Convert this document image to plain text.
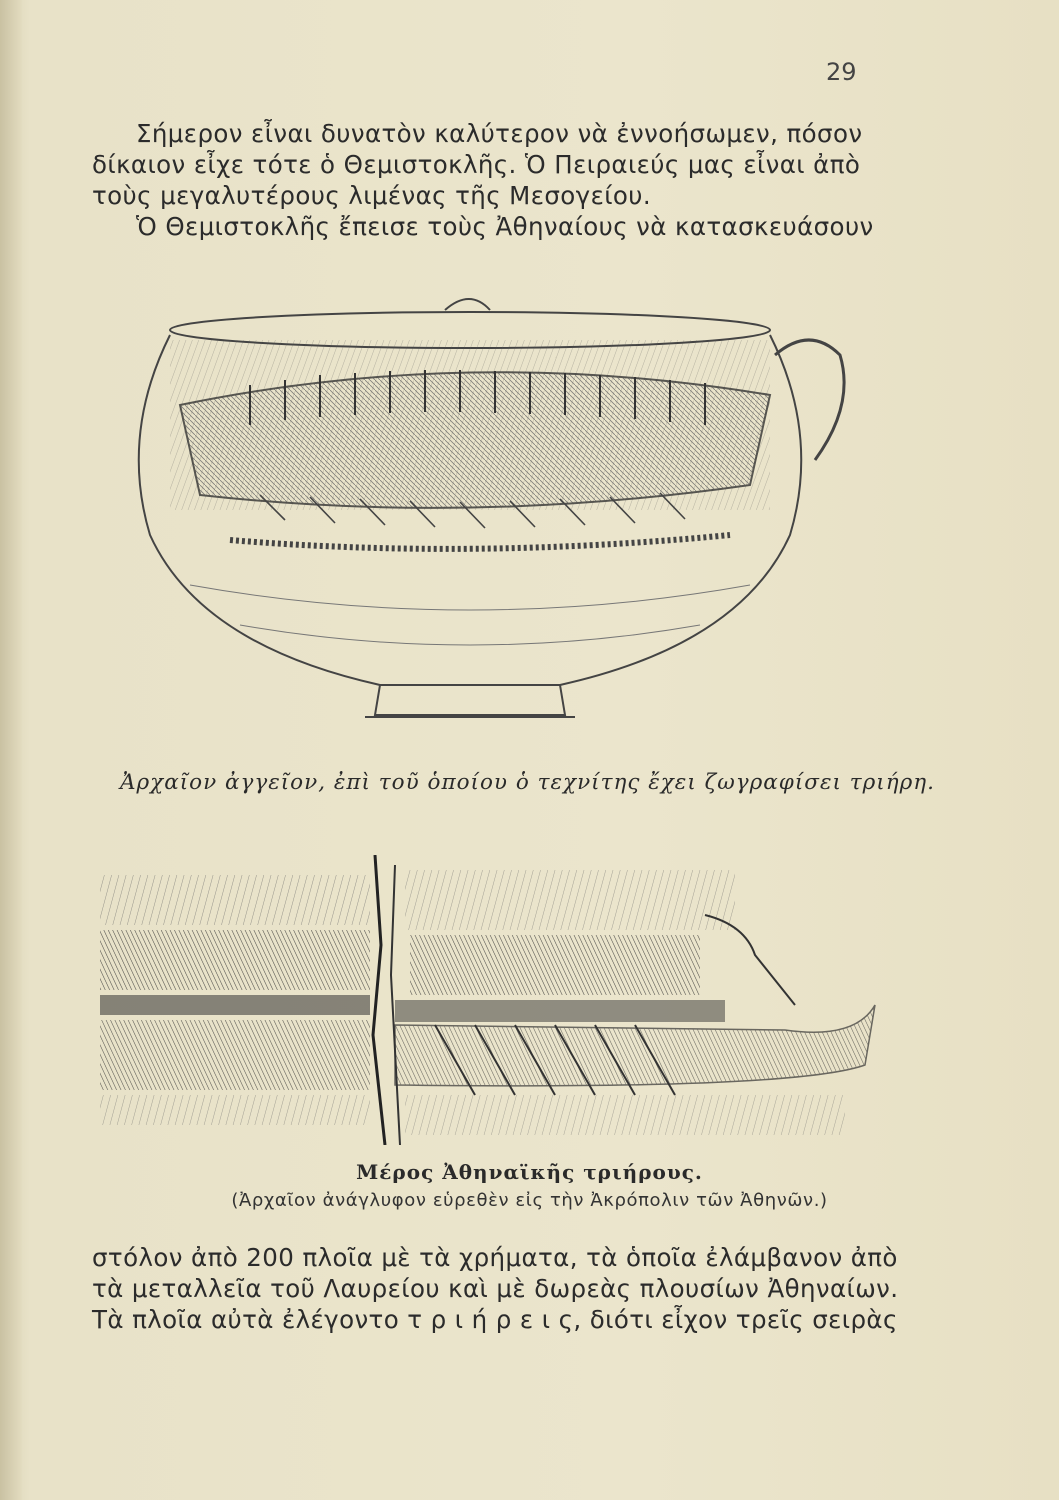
29

Σήμερον εἶναι δυνατὸν καλύτερον νὰ ἐννοήσωμεν, πόσον
δίκαιον εἶχε τότε ὁ Θεμιστοκλῆς. Ὁ Πειραιεύς μας εἶναι ἀπὸ
τοὺς μεγαλυτέρους λιμένας τῆς Μεσογείου.
Ὁ Θεμιστοκλῆς ἔπεισε τοὺς Ἀθηναίους νὰ κατασκευάσουν

Ἀρχαῖον ἀγγεῖον, ἐπὶ τοῦ ὁποίου ὁ τεχνίτης ἔχει ζωγραφίσει τριήρη.
Μέρος Ἀθηναϊκῆς τριήρους.
(Ἀρχαῖον ἀνάγλυφον εὑρεθὲν εἰς τὴν Ἀκρόπολιν τῶν Ἀθηνῶν.)

στόλον ἀπὸ 200 πλοῖα μὲ τὰ χρήματα, τὰ ὁποῖα ἐλάμβανον ἀπὸ
τὰ μεταλλεῖα τοῦ Λαυρείου καὶ μὲ δωρεὰς πλουσίων Ἀθηναίων.
Τὰ πλοῖα αὐτὰ ἐλέγοντο τ ρ ι ή ρ ε ι ς, διότι εἶχον τρεῖς σειρὰς
